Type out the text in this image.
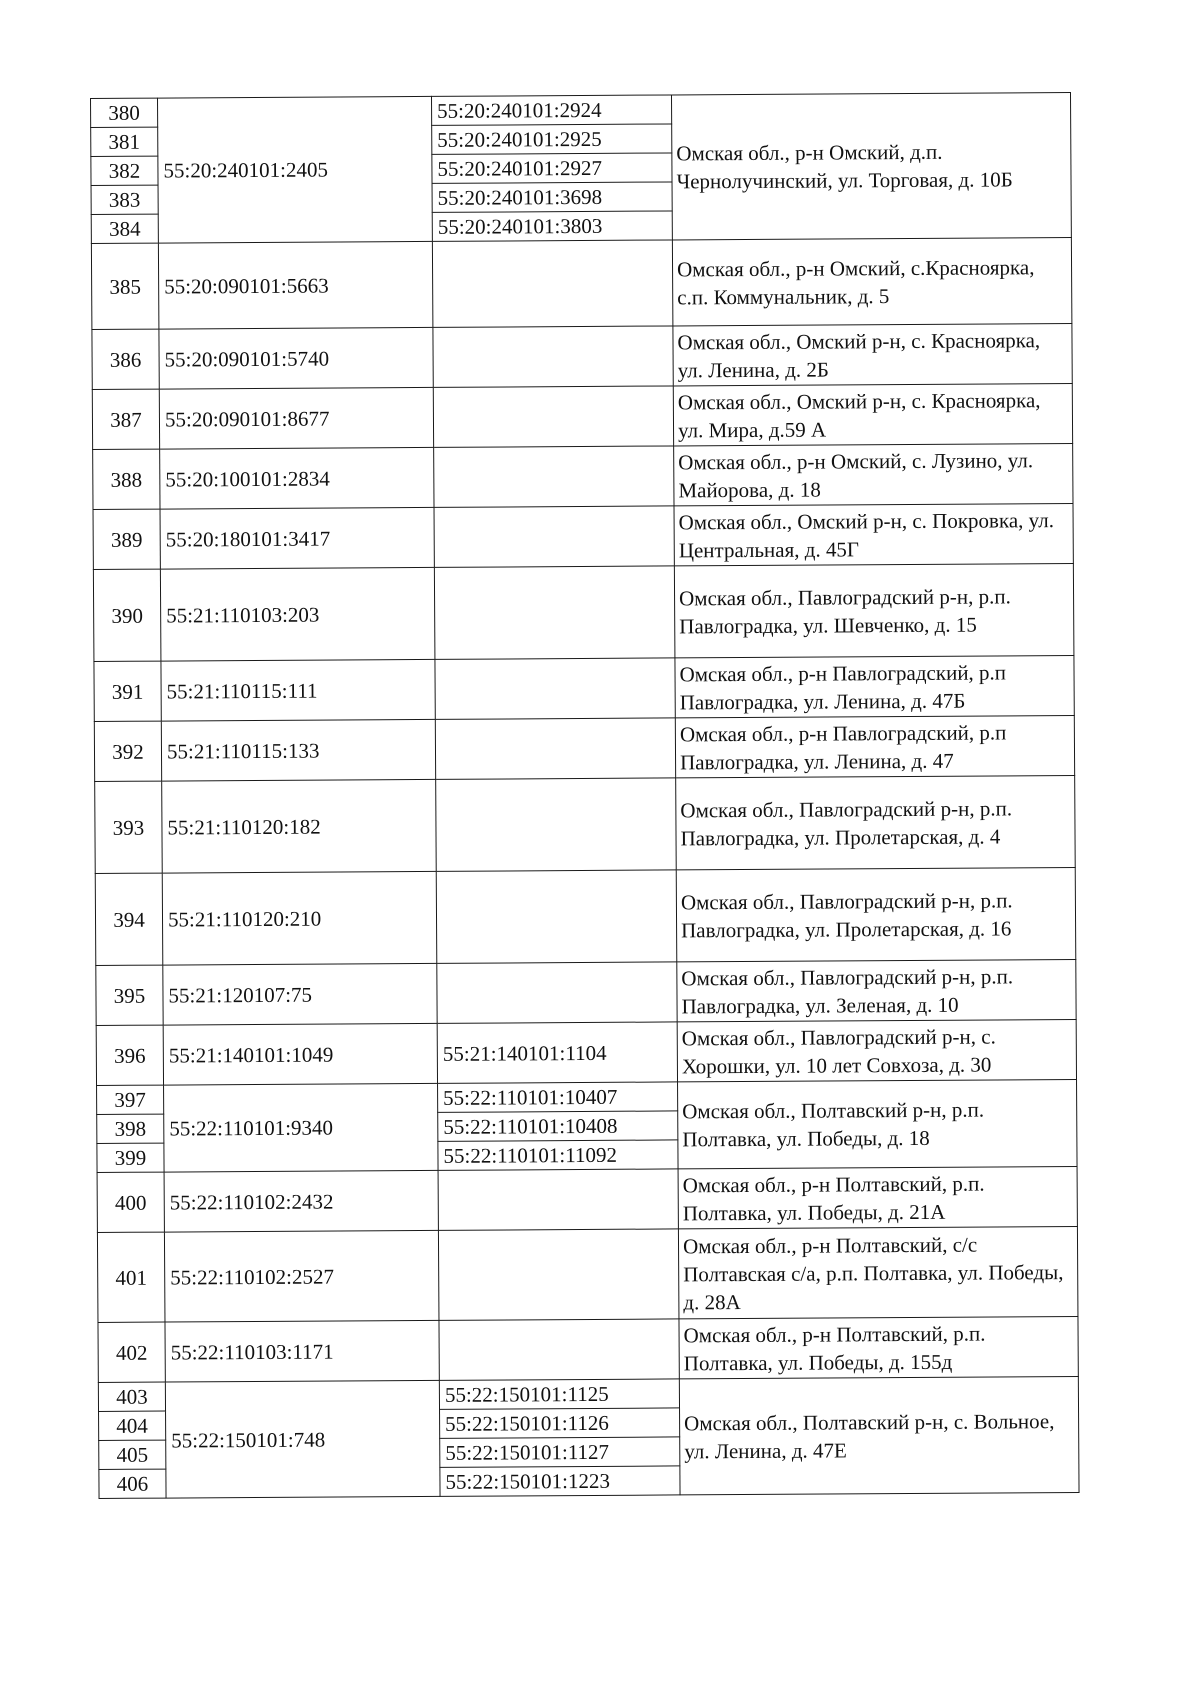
380	55:20:240101:2405	55:20:240101:2924	Омская обл., р-н Омский, д.п. Чернолучинский, ул. Торговая, д. 10Б
381		55:20:240101:2925	
382		55:20:240101:2927	
383		55:20:240101:3698	
384		55:20:240101:3803	
385	55:20:090101:5663		Омская обл., р-н Омский, с.Красноярка, с.п. Коммунальник, д. 5
386	55:20:090101:5740		Омская обл., Омский р-н, с. Красноярка, ул. Ленина, д. 2Б
387	55:20:090101:8677		Омская обл., Омский р-н, с. Красноярка, ул. Мира, д.59 А
388	55:20:100101:2834		Омская обл., р-н Омский, с. Лузино, ул. Майорова, д. 18
389	55:20:180101:3417		Омская обл., Омский р-н, с. Покровка, ул. Центральная, д. 45Г
390	55:21:110103:203		Омская обл., Павлоградский р-н, р.п. Павлоградка, ул. Шевченко, д. 15
391	55:21:110115:111		Омская обл., р-н Павлоградский, р.п Павлоградка, ул. Ленина, д. 47Б
392	55:21:110115:133		Омская обл., р-н Павлоградский, р.п Павлоградка, ул. Ленина, д. 47
393	55:21:110120:182		Омская обл., Павлоградский р-н, р.п. Павлоградка, ул. Пролетарская, д. 4
394	55:21:110120:210		Омская обл., Павлоградский р-н, р.п. Павлоградка, ул. Пролетарская, д. 16
395	55:21:120107:75		Омская обл., Павлоградский р-н, р.п. Павлоградка, ул. Зеленая, д. 10
396	55:21:140101:1049	55:21:140101:1104	Омская обл., Павлоградский р-н, с. Хорошки, ул. 10 лет Совхоза, д. 30
397	55:22:110101:9340	55:22:110101:10407	Омская обл., Полтавский р-н, р.п. Полтавка, ул. Победы, д. 18
398		55:22:110101:10408	
399		55:22:110101:11092	
400	55:22:110102:2432		Омская обл., р-н Полтавский, р.п. Полтавка, ул. Победы, д. 21А
401	55:22:110102:2527		Омская обл., р-н Полтавский, с/с Полтавская с/а, р.п. Полтавка, ул. Победы, д. 28А
402	55:22:110103:1171		Омская обл., р-н Полтавский, р.п. Полтавка, ул. Победы, д. 155д
403	55:22:150101:748	55:22:150101:1125	Омская обл., Полтавский р-н, с. Вольное, ул. Ленина, д. 47Е
404		55:22:150101:1126	
405		55:22:150101:1127	
406		55:22:150101:1223	
